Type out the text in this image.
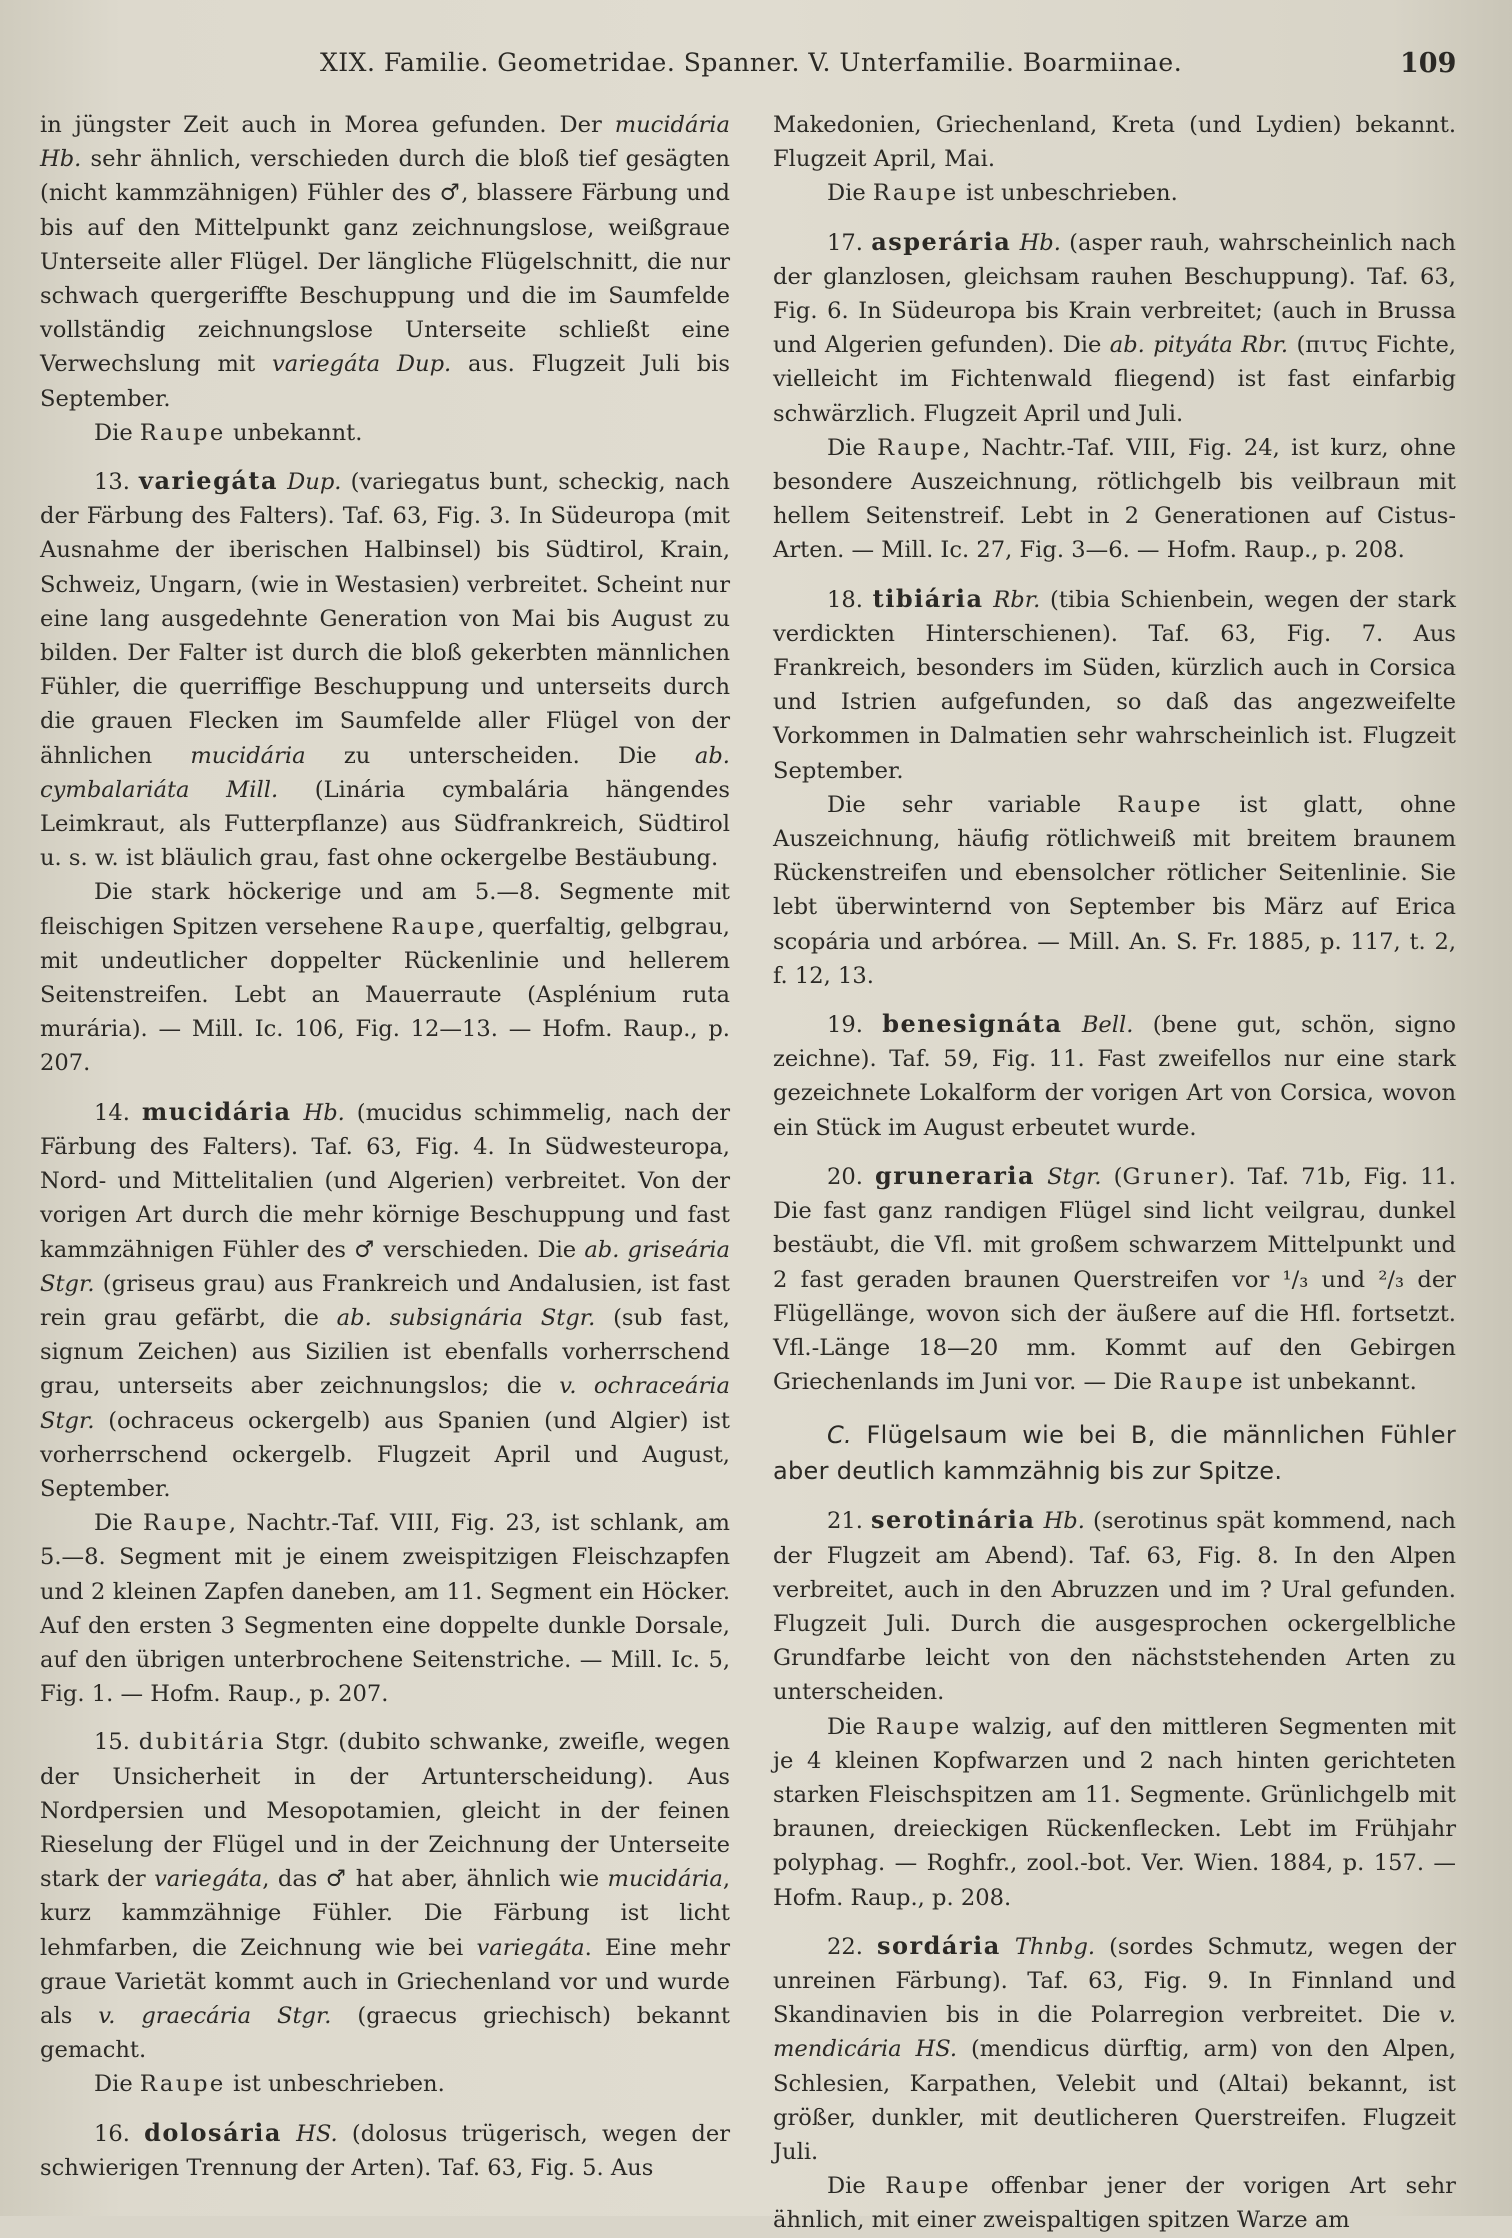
XIX. Familie. Geometridae. Spanner. V. Unterfamilie. Boarmiinae.	109

in jüngster Zeit auch in Morea gefunden. Der mucidária Hb. sehr ähnlich, verschieden durch die bloß tief gesägten (nicht kammzähnigen) Fühler des ♂, blassere Färbung und bis auf den Mittelpunkt ganz zeichnungslose, weißgraue Unterseite aller Flügel. Der längliche Flügelschnitt, die nur schwach quergeriffte Beschuppung und die im Saumfelde vollständig zeichnungslose Unterseite schließt eine Verwechslung mit variegáta Dup. aus. Flugzeit Juli bis September.

Die Raupe unbekannt.

13. variegáta Dup. (variegatus bunt, scheckig, nach der Färbung des Falters). Taf. 63, Fig. 3. In Südeuropa (mit Ausnahme der iberischen Halbinsel) bis Südtirol, Krain, Schweiz, Ungarn, (wie in Westasien) verbreitet. Scheint nur eine lang ausgedehnte Generation von Mai bis August zu bilden. Der Falter ist durch die bloß gekerbten männlichen Fühler, die querriffige Beschuppung und unterseits durch die grauen Flecken im Saumfelde aller Flügel von der ähnlichen mucidária zu unterscheiden. Die ab. cymbalariáta Mill. (Linária cymbalária hängendes Leimkraut, als Futterpflanze) aus Südfrankreich, Südtirol u. s. w. ist bläulich grau, fast ohne ockergelbe Bestäubung.

Die stark höckerige und am 5.—8. Segmente mit fleischigen Spitzen versehene Raupe, querfaltig, gelbgrau, mit undeutlicher doppelter Rückenlinie und hellerem Seitenstreifen. Lebt an Mauerraute (Asplénium ruta murária). — Mill. Ic. 106, Fig. 12—13. — Hofm. Raup., p. 207.

14. mucidária Hb. (mucidus schimmelig, nach der Färbung des Falters). Taf. 63, Fig. 4. In Südwesteuropa, Nord- und Mittelitalien (und Algerien) verbreitet. Von der vorigen Art durch die mehr körnige Beschuppung und fast kammzähnigen Fühler des ♂ verschieden. Die ab. griseária Stgr. (griseus grau) aus Frankreich und Andalusien, ist fast rein grau gefärbt, die ab. subsignária Stgr. (sub fast, signum Zeichen) aus Sizilien ist ebenfalls vorherrschend grau, unterseits aber zeichnungslos; die v. ochraceária Stgr. (ochraceus ockergelb) aus Spanien (und Algier) ist vorherrschend ockergelb. Flugzeit April und August, September.

Die Raupe, Nachtr.-Taf. VIII, Fig. 23, ist schlank, am 5.—8. Segment mit je einem zweispitzigen Fleischzapfen und 2 kleinen Zapfen daneben, am 11. Segment ein Höcker. Auf den ersten 3 Segmenten eine doppelte dunkle Dorsale, auf den übrigen unterbrochene Seitenstriche. — Mill. Ic. 5, Fig. 1. — Hofm. Raup., p. 207.

15. dubitária Stgr. (dubito schwanke, zweifle, wegen der Unsicherheit in der Artunterscheidung). Aus Nordpersien und Mesopotamien, gleicht in der feinen Rieselung der Flügel und in der Zeichnung der Unterseite stark der variegáta, das ♂ hat aber, ähnlich wie mucidária, kurz kammzähnige Fühler. Die Färbung ist licht lehmfarben, die Zeichnung wie bei variegáta. Eine mehr graue Varietät kommt auch in Griechenland vor und wurde als v. graecária Stgr. (graecus griechisch) bekannt gemacht.

Die Raupe ist unbeschrieben.

16. dolosária HS. (dolosus trügerisch, wegen der schwierigen Trennung der Arten). Taf. 63, Fig. 5. Aus

Makedonien, Griechenland, Kreta (und Lydien) bekannt. Flugzeit April, Mai.

Die Raupe ist unbeschrieben.

17. asperária Hb. (asper rauh, wahrscheinlich nach der glanzlosen, gleichsam rauhen Beschuppung). Taf. 63, Fig. 6. In Südeuropa bis Krain verbreitet; (auch in Brussa und Algerien gefunden). Die ab. pityáta Rbr. (πιτυς Fichte, vielleicht im Fichtenwald fliegend) ist fast einfarbig schwärzlich. Flugzeit April und Juli.

Die Raupe, Nachtr.-Taf. VIII, Fig. 24, ist kurz, ohne besondere Auszeichnung, rötlichgelb bis veilbraun mit hellem Seitenstreif. Lebt in 2 Generationen auf Cistus-Arten. — Mill. Ic. 27, Fig. 3—6. — Hofm. Raup., p. 208.

18. tibiária Rbr. (tibia Schienbein, wegen der stark verdickten Hinterschienen). Taf. 63, Fig. 7. Aus Frankreich, besonders im Süden, kürzlich auch in Corsica und Istrien aufgefunden, so daß das angezweifelte Vorkommen in Dalmatien sehr wahrscheinlich ist. Flugzeit September.

Die sehr variable Raupe ist glatt, ohne Auszeichnung, häufig rötlichweiß mit breitem braunem Rückenstreifen und ebensolcher rötlicher Seitenlinie. Sie lebt überwinternd von September bis März auf Erica scopária und arbórea. — Mill. An. S. Fr. 1885, p. 117, t. 2, f. 12, 13.

19. benesignáta Bell. (bene gut, schön, signo zeichne). Taf. 59, Fig. 11. Fast zweifellos nur eine stark gezeichnete Lokalform der vorigen Art von Corsica, wovon ein Stück im August erbeutet wurde.

20. gruneraria Stgr. (Gruner). Taf. 71b, Fig. 11. Die fast ganz randigen Flügel sind licht veilgrau, dunkel bestäubt, die Vfl. mit großem schwarzem Mittelpunkt und 2 fast geraden braunen Querstreifen vor ¹/₃ und ²/₃ der Flügellänge, wovon sich der äußere auf die Hfl. fortsetzt. Vfl.-Länge 18—20 mm. Kommt auf den Gebirgen Griechenlands im Juni vor. — Die Raupe ist unbekannt.

C. Flügelsaum wie bei B, die männlichen Fühler aber deutlich kammzähnig bis zur Spitze.

21. serotinária Hb. (serotinus spät kommend, nach der Flugzeit am Abend). Taf. 63, Fig. 8. In den Alpen verbreitet, auch in den Abruzzen und im ? Ural gefunden. Flugzeit Juli. Durch die ausgesprochen ockergelbliche Grundfarbe leicht von den nächststehenden Arten zu unterscheiden.

Die Raupe walzig, auf den mittleren Segmenten mit je 4 kleinen Kopfwarzen und 2 nach hinten gerichteten starken Fleischspitzen am 11. Segmente. Grünlichgelb mit braunen, dreieckigen Rückenflecken. Lebt im Frühjahr polyphag. — Roghfr., zool.-bot. Ver. Wien. 1884, p. 157. — Hofm. Raup., p. 208.

22. sordária Thnbg. (sordes Schmutz, wegen der unreinen Färbung). Taf. 63, Fig. 9. In Finnland und Skandinavien bis in die Polarregion verbreitet. Die v. mendicária HS. (mendicus dürftig, arm) von den Alpen, Schlesien, Karpathen, Velebit und (Altai) bekannt, ist größer, dunkler, mit deutlicheren Querstreifen. Flugzeit Juli.

Die Raupe offenbar jener der vorigen Art sehr ähnlich, mit einer zweispaltigen spitzen Warze am
